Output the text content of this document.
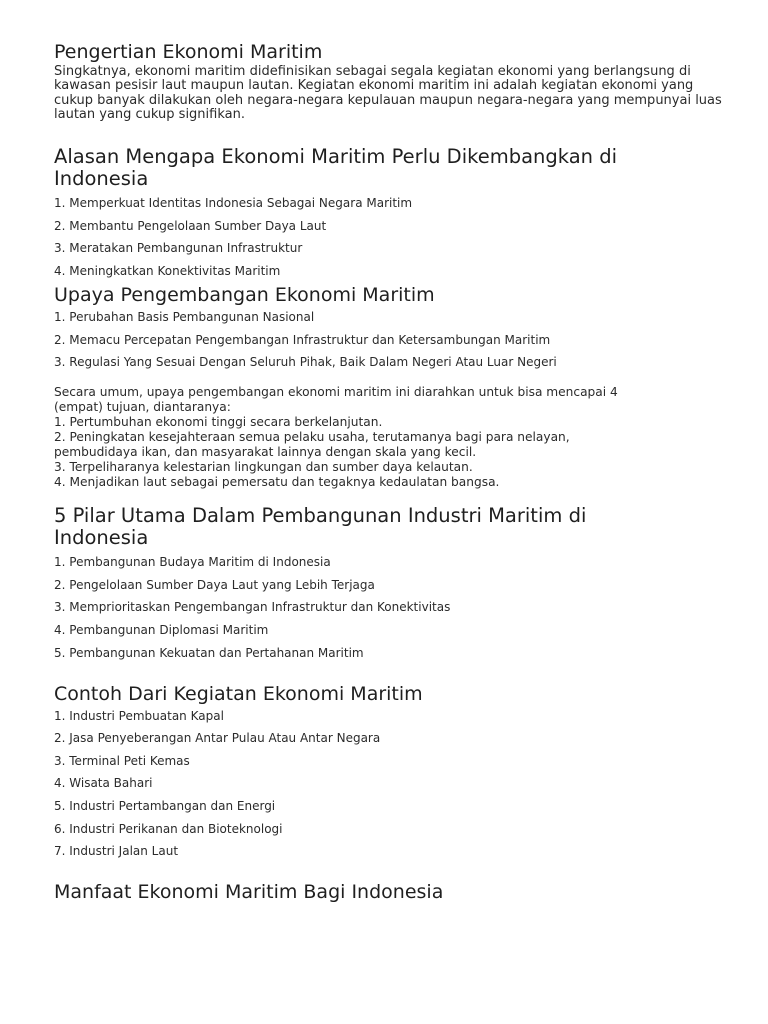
Pengertian Ekonomi Maritim

Singkatnya, ekonomi maritim didefinisikan sebagai segala kegiatan ekonomi yang berlangsung di kawasan pesisir laut maupun lautan. Kegiatan ekonomi maritim ini adalah kegiatan ekonomi yang cukup banyak dilakukan oleh negara-negara kepulauan maupun negara-negara yang mempunyai luas lautan yang cukup signifikan.

Alasan Mengapa Ekonomi Maritim Perlu Dikembangkan di
Indonesia
1. Memperkuat Identitas Indonesia Sebagai Negara Maritim
2. Membantu Pengelolaan Sumber Daya Laut
3. Meratakan Pembangunan Infrastruktur
4. Meningkatkan Konektivitas Maritim
Upaya Pengembangan Ekonomi Maritim
1. Perubahan Basis Pembangunan Nasional
2. Memacu Percepatan Pengembangan Infrastruktur dan Ketersambungan Maritim
3. Regulasi Yang Sesuai Dengan Seluruh Pihak, Baik Dalam Negeri Atau Luar Negeri
Secara umum, upaya pengembangan ekonomi maritim ini diarahkan untuk bisa mencapai 4
(empat) tujuan, diantaranya:
1. Pertumbuhan ekonomi tinggi secara berkelanjutan.
2. Peningkatan kesejahteraan semua pelaku usaha, terutamanya bagi para nelayan,
pembudidaya ikan, dan masyarakat lainnya dengan skala yang kecil.
3. Terpeliharanya kelestarian lingkungan dan sumber daya kelautan.
4. Menjadikan laut sebagai pemersatu dan tegaknya kedaulatan bangsa.
5 Pilar Utama Dalam Pembangunan Industri Maritim di
Indonesia
1. Pembangunan Budaya Maritim di Indonesia
2. Pengelolaan Sumber Daya Laut yang Lebih Terjaga
3. Memprioritaskan Pengembangan Infrastruktur dan Konektivitas
4. Pembangunan Diplomasi Maritim
5. Pembangunan Kekuatan dan Pertahanan Maritim
Contoh Dari Kegiatan Ekonomi Maritim
1. Industri Pembuatan Kapal
2. Jasa Penyeberangan Antar Pulau Atau Antar Negara
3. Terminal Peti Kemas
4. Wisata Bahari
5. Industri Pertambangan dan Energi
6. Industri Perikanan dan Bioteknologi
7. Industri Jalan Laut
Manfaat Ekonomi Maritim Bagi Indonesia
